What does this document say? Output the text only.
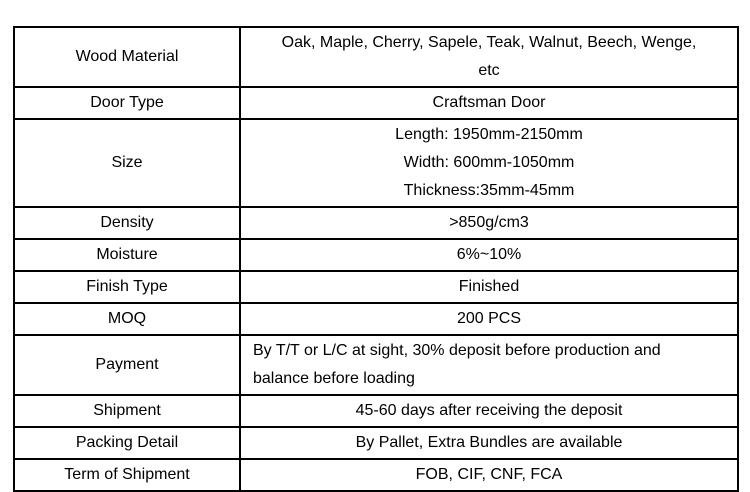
Wood Material	Oak, Maple, Cherry, Sapele, Teak, Walnut, Beech, Wenge,
etc

Door Type	Craftsman Door

Size	Length: 1950mm-2150mm
Width: 600mm-1050mm
Thickness:35mm-45mm

Density	>850g/cm3

Moisture	6%~10%

Finish Type	Finished

MOQ	200 PCS

Payment	By T/T or L/C at sight, 30% deposit before production and
balance before loading

Shipment	45-60 days after receiving the deposit

Packing Detail	By Pallet, Extra Bundles are available

Term of Shipment	FOB, CIF, CNF, FCA
